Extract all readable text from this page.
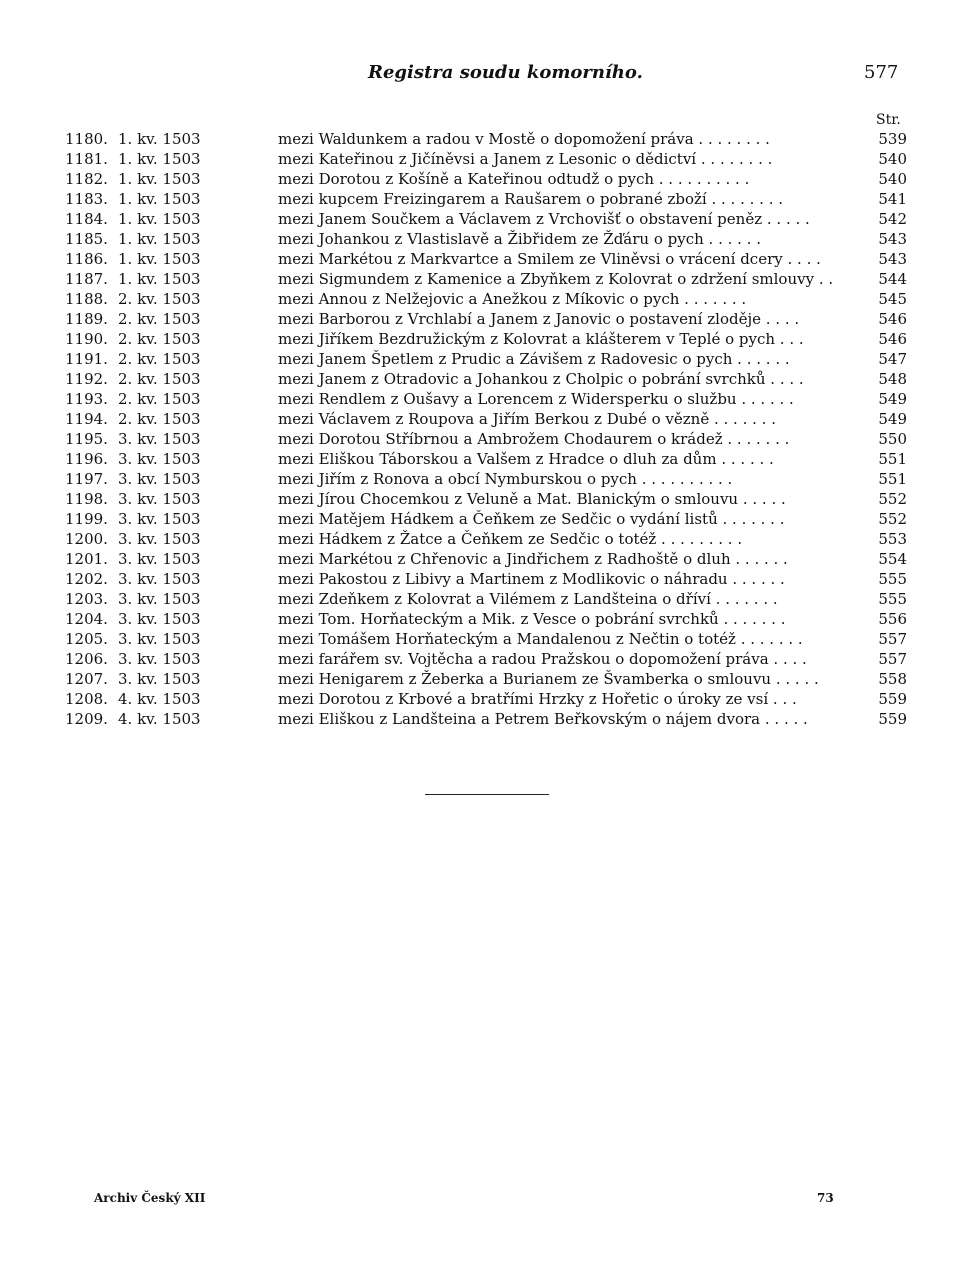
Registra soudu komorního.	577
Str.
1180. 1. kv. 1503	mezi Waldunkem a radou v Mostě o dopomožení práva . . . . . . . .	539
1181. 1. kv. 1503	mezi Kateřinou z Jičíněvsi a Janem z Lesonic o dědictví . . . . . . . .	540
1182. 1. kv. 1503	mezi Dorotou z Košíně a Kateřinou odtudž o pych . . . . . . . . . .	540
1183. 1. kv. 1503	mezi kupcem Freizingarem a Raušarem o pobrané zboží . . . . . . . .	541
1184. 1. kv. 1503	mezi Janem Součkem a Václavem z Vrchovišť o obstavení peněz . . . . .	542
1185. 1. kv. 1503	mezi Johankou z Vlastislavě a Žibřidem ze Žďáru o pych . . . . . .	543
1186. 1. kv. 1503	mezi Markétou z Markvartce a Smilem ze Vliněvsi o vrácení dcery . . . .	543
1187. 1. kv. 1503	mezi Sigmundem z Kamenice a Zbyňkem z Kolovrat o zdržení smlouvy . .	544
1188. 2. kv. 1503	mezi Annou z Nelžejovic a Anežkou z Míkovic o pych . . . . . . .	545
1189. 2. kv. 1503	mezi Barborou z Vrchlabí a Janem z Janovic o postavení zloděje . . . .	546
1190. 2. kv. 1503	mezi Jiříkem Bezdružickým z Kolovrat a klášterem v Teplé o pych . . .	546
1191. 2. kv. 1503	mezi Janem Špetlem z Prudic a Závišem z Radovesic o pych . . . . . .	547
1192. 2. kv. 1503	mezi Janem z Otradovic a Johankou z Cholpic o pobrání svrchků . . . .	548
1193. 2. kv. 1503	mezi Rendlem z Oušavy a Lorencem z Widersperku o službu . . . . . .	549
1194. 2. kv. 1503	mezi Václavem z Roupova a Jiřím Berkou z Dubé o vězně . . . . . . .	549
1195. 3. kv. 1503	mezi Dorotou Stříbrnou a Ambrožem Chodaurem o krádež . . . . . . .	550
1196. 3. kv. 1503	mezi Eliškou Táborskou a Valšem z Hradce o dluh za dům . . . . . .	551
1197. 3. kv. 1503	mezi Jiřím z Ronova a obcí Nymburskou o pych . . . . . . . . . .	551
1198. 3. kv. 1503	mezi Jírou Chocemkou z Veluně a Mat. Blanickým o smlouvu . . . . .	552
1199. 3. kv. 1503	mezi Matějem Hádkem a Čeňkem ze Sedčic o vydání listů . . . . . . .	552
1200. 3. kv. 1503	mezi Hádkem z Žatce a Čeňkem ze Sedčic o totéž . . . . . . . . .	553
1201. 3. kv. 1503	mezi Markétou z Chřenovic a Jindřichem z Radhoště o dluh . . . . . .	554
1202. 3. kv. 1503	mezi Pakostou z Libivy a Martinem z Modlikovic o náhradu . . . . . .	555
1203. 3. kv. 1503	mezi Zdeňkem z Kolovrat a Vilémem z Landšteina o dříví . . . . . . .	555
1204. 3. kv. 1503	mezi Tom. Horňateckým a Mik. z Vesce o pobrání svrchků . . . . . . .	556
1205. 3. kv. 1503	mezi Tomášem Horňateckým a Mandalenou z Nečtin o totéž . . . . . . .	557
1206. 3. kv. 1503	mezi farářem sv. Vojtěcha a radou Pražskou o dopomožení práva . . . .	557
1207. 3. kv. 1503	mezi Henigarem z Žeberka a Burianem ze Švamberka o smlouvu . . . . .	558
1208. 4. kv. 1503	mezi Dorotou z Krbové a bratřími Hrzky z Hořetic o úroky ze vsí . . .	559
1209. 4. kv. 1503	mezi Eliškou z Landšteina a Petrem Beřkovským o nájem dvora . . . . .	559
Archiv Český XII	73
